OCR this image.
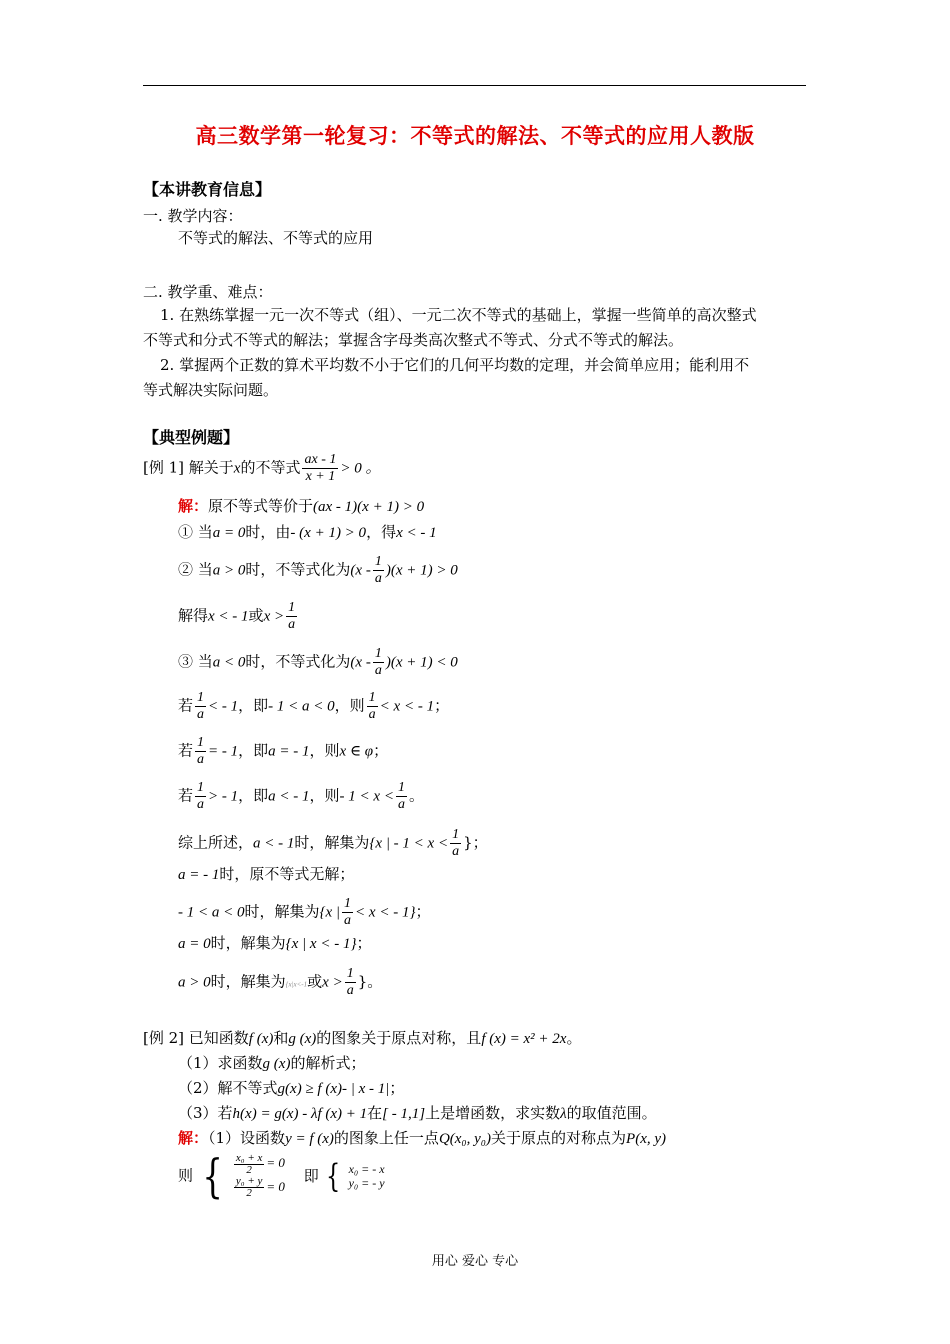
高三数学第一轮复习：不等式的解法、不等式的应用人教版
【本讲教育信息】
一. 教学内容：
不等式的解法、不等式的应用
二. 教学重、难点：
1. 在熟练掌握一元一次不等式（组）、一元二次不等式的基础上，掌握一些简单的高次整式
不等式和分式不等式的解法；掌握含字母类高次整式不等式、分式不等式的解法。
2. 掌握两个正数的算术平均数不小于它们的几何平均数的定理，并会简单应用；能利用不
等式解决实际问题。
【典型例题】
[例 1] 解关于x的不等式 $\frac{ax - 1}{x + 1} > 0$ 。
解：原不等式等价于(ax - 1)(x + 1) > 0
① 当a = 0时，由- (x + 1) > 0，得x < - 1
② 当a > 0时，不等式化为$(x - \frac{1}{a} )(x + 1) > 0$
解得x < - 1或$x > \frac{1}{a}$
③ 当a < 0时，不等式化为$(x - \frac{1}{a} )(x + 1) < 0$
若 $\frac{1}{a}$ < - 1，即- 1 < a < 0，则 $\frac{1}{a} < x$ < - 1；
若 $\frac{1}{a}$ = - 1，即a = - 1，则x ∈ φ；
若 $\frac{1}{a}$ > - 1，即a < - 1，则- $1 < x < \frac{1}{a}$ 。
综上所述，a < - 1时，解集为{x | - $1 < x < \frac{1}{a}$ }；
a = - 1时，原不等式无解；
- 1 < a < 0时，解集为{x | $\frac{1}{a} < x$ < - 1}；
a = 0时，解集为{x | x < - 1}；
a > 0时，解集为{x|x<-1或$x > \frac{1}{a}$ }。
[例 2] 已知函数f (x)和g (x)的图象关于原点对称，且f (x) = x² + 2x。
（1）求函数g (x)的解析式；
（2）解不等式g(x) ≥ f (x)- | x - 1|；
（3）若h(x) = g(x) - λf (x) + 1在[ - 1,1]上是增函数，求实数λ的取值范围。
解：（1）设函数y = f (x)的图象上任一点Q(x₀, y₀)关于原点的对称点为P(x, y)
则 { $\frac{\text{x₀ + x}}{2} = 0$
$\frac{\text{y₀ + y}}{2} = 0$
即 { x₀ = - x
y₀ = - y
用心 爱心 专心
